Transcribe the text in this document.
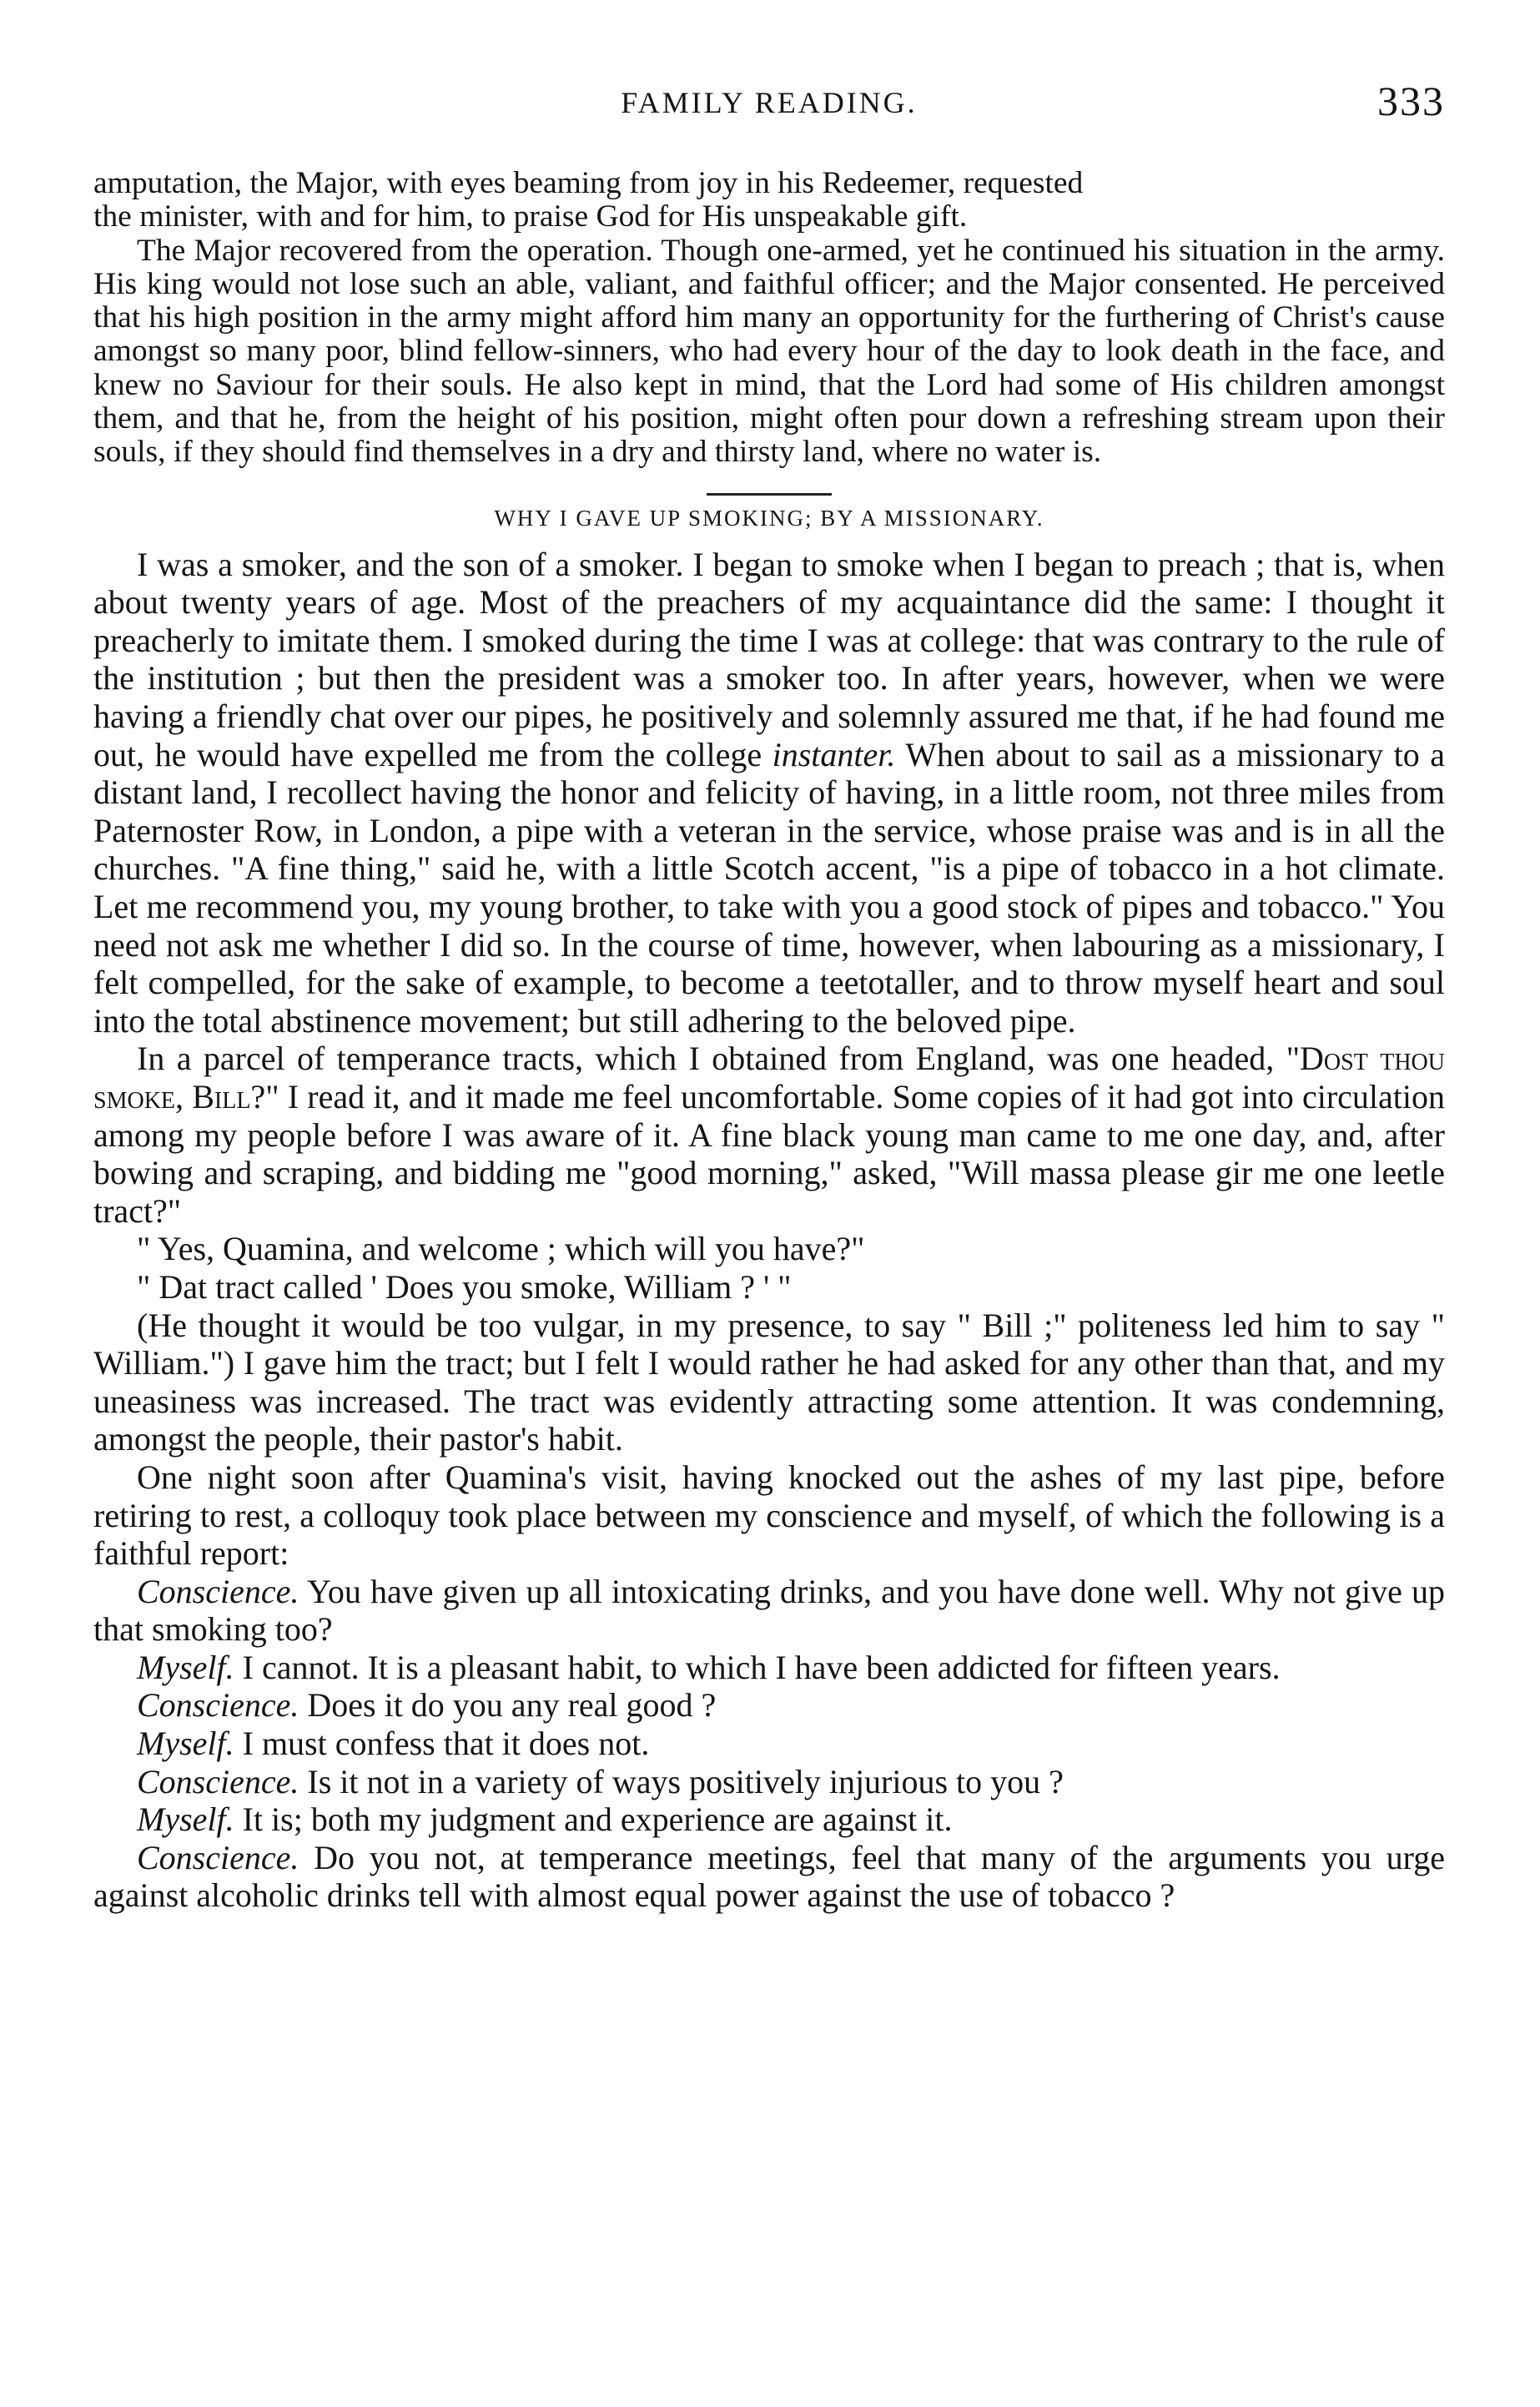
FAMILY READING.	333

amputation, the Major, with eyes beaming from joy in his Redeemer, requested

the minister, with and for him, to praise God for His unspeakable gift.

The Major recovered from the operation. Though one-armed, yet he continued his situation in the army. His king would not lose such an able, valiant, and faithful officer; and the Major consented. He perceived that his high position in the army might afford him many an opportunity for the furthering of Christ's cause amongst so many poor, blind fellow-sinners, who had every hour of the day to look death in the face, and knew no Saviour for their souls. He also kept in mind, that the Lord had some of His children amongst them, and that he, from the height of his position, might often pour down a refreshing stream upon their souls, if they should find themselves in a dry and thirsty land, where no water is.

WHY I GAVE UP SMOKING; BY A MISSIONARY.

I was a smoker, and the son of a smoker. I began to smoke when I began to preach ; that is, when about twenty years of age. Most of the preachers of my acquaintance did the same: I thought it preacherly to imitate them. I smoked during the time I was at college: that was contrary to the rule of the institution ; but then the president was a smoker too. In after years, however, when we were having a friendly chat over our pipes, he positively and solemnly assured me that, if he had found me out, he would have expelled me from the college instanter. When about to sail as a missionary to a distant land, I recollect having the honor and felicity of having, in a little room, not three miles from Paternoster Row, in London, a pipe with a veteran in the service, whose praise was and is in all the churches. "A fine thing," said he, with a little Scotch accent, "is a pipe of tobacco in a hot climate. Let me recommend you, my young brother, to take with you a good stock of pipes and tobacco." You need not ask me whether I did so. In the course of time, however, when labouring as a missionary, I felt compelled, for the sake of example, to become a teetotaller, and to throw myself heart and soul into the total abstinence movement; but still adhering to the beloved pipe.

In a parcel of temperance tracts, which I obtained from England, was one headed, "Dost thou smoke, Bill?" I read it, and it made me feel uncomfortable. Some copies of it had got into circulation among my people before I was aware of it. A fine black young man came to me one day, and, after bowing and scraping, and bidding me "good morning," asked, "Will massa please gir me one leetle tract?"

" Yes, Quamina, and welcome ; which will you have?"

" Dat tract called ' Does you smoke, William ? ' "

(He thought it would be too vulgar, in my presence, to say " Bill ;" politeness led him to say " William.") I gave him the tract; but I felt I would rather he had asked for any other than that, and my uneasiness was increased. The tract was evidently attracting some attention. It was condemning, amongst the people, their pastor's habit.

One night soon after Quamina's visit, having knocked out the ashes of my last pipe, before retiring to rest, a colloquy took place between my conscience and myself, of which the following is a faithful report:

Conscience. You have given up all intoxicating drinks, and you have done well. Why not give up that smoking too?

Myself. I cannot. It is a pleasant habit, to which I have been addicted for fifteen years.

Conscience. Does it do you any real good ?

Myself. I must confess that it does not.

Conscience. Is it not in a variety of ways positively injurious to you ?

Myself. It is; both my judgment and experience are against it.

Conscience. Do you not, at temperance meetings, feel that many of the arguments you urge against alcoholic drinks tell with almost equal power against the use of tobacco ?
